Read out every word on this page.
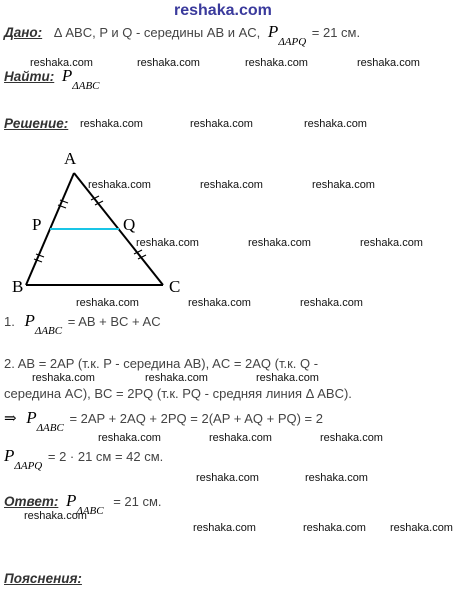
reshaka.com
Дано: Δ ABC, P и Q - середины AB и AC, $P_{\Delta APQ} = 21$ см.
reshaka.com	reshaka.com	reshaka.com	reshaka.com
Найти: $P_{\Delta ABC}$
Решение: reshaka.com	reshaka.com	reshaka.com
A
P	Q
B	C
reshaka.com	reshaka.com	reshaka.com
reshaka.com	reshaka.com	reshaka.com
reshaka.com	reshaka.com	reshaka.com
1. $P_{\Delta ABC}$ = AB + BC + AC
2. AB = 2AP (т.к. P - середина AB), AC = 2AQ (т.к. Q -
reshaka.com	reshaka.com	reshaka.com
середина AC), BC = 2PQ (т.к. PQ - средняя линия Δ ABC).
⇒ $P_{\Delta ABC} = 2AP + 2AQ + 2PQ = 2(AP$ + AQ + PQ) = 2
reshaka.com	reshaka.com	reshaka.com
$P_{\Delta APQ} = 2 \cdot 21$ см = 42 см.
reshaka.com	reshaka.com
Ответ: $P_{\Delta ABC} = 21$ см.
reshaka.com
reshaka.com	reshaka.com reshaka.com
Пояснения:
